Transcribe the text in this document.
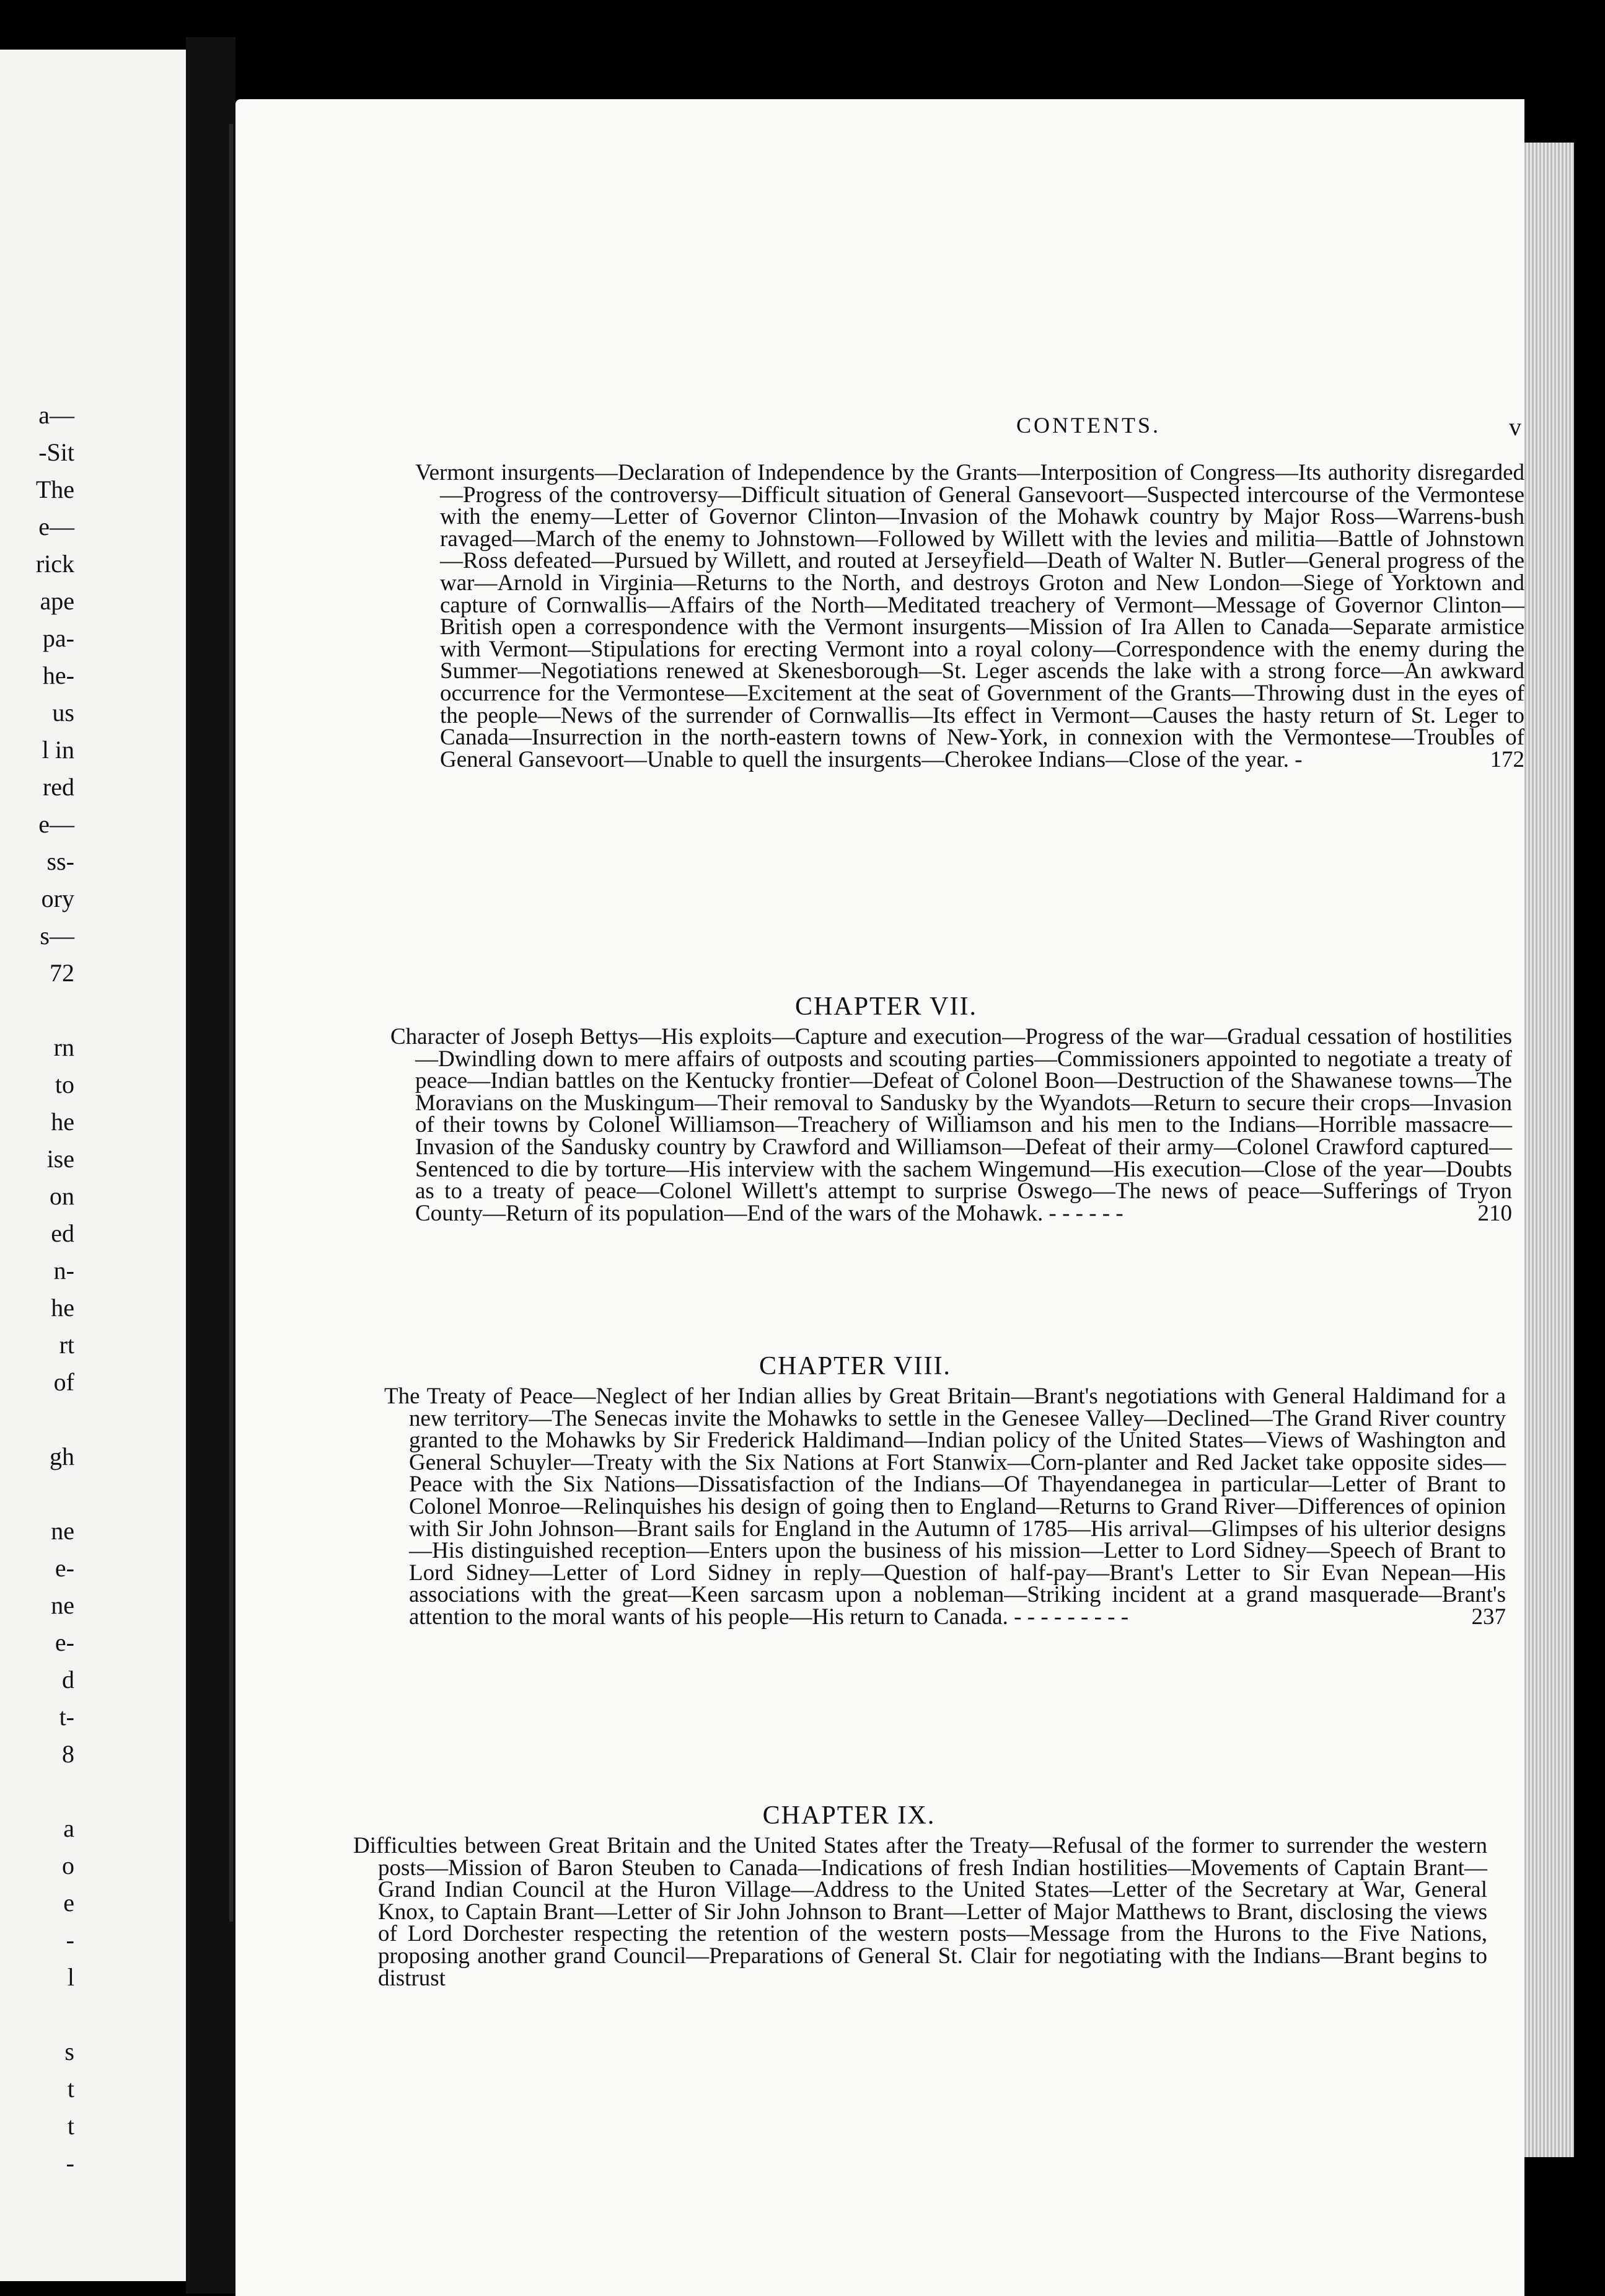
a—
-Sit
The
e—
rick
ape
pa-
he-
us
l in
red
e—
ss-
ory
s—
72

rn
to
he
ise
on
ed
n-
he
rt
of

gh

ne
e-
ne
e-
d
t-
8

a
o
e
-
l

s
t
t
-

CONTENTS.	v

Vermont insurgents—Declaration of Independence by the Grants—Interposition of Congress—Its authority disregarded—Progress of the controversy—Difficult situation of General Gansevoort—Suspected intercourse of the Vermontese with the enemy—Letter of Governor Clinton—Invasion of the Mohawk country by Major Ross—Warrens-bush ravaged—March of the enemy to Johnstown—Followed by Willett with the levies and militia—Battle of Johnstown—Ross defeated—Pursued by Willett, and routed at Jerseyfield—Death of Walter N. Butler—General progress of the war—Arnold in Virginia—Returns to the North, and destroys Groton and New London—Siege of Yorktown and capture of Cornwallis—Affairs of the North—Meditated treachery of Vermont—Message of Governor Clinton—British open a correspondence with the Vermont insurgents—Mission of Ira Allen to Canada—Separate armistice with Vermont—Stipulations for erecting Vermont into a royal colony—Correspondence with the enemy during the Summer—Negotiations renewed at Skenesborough—St. Leger ascends the lake with a strong force—An awkward occurrence for the Vermontese—Excitement at the seat of Government of the Grants—Throwing dust in the eyes of the people—News of the surrender of Cornwallis—Its effect in Vermont—Causes the hasty return of St. Leger to Canada—Insurrection in the north-eastern towns of New-York, in connexion with the Vermontese—Troubles of General Gansevoort—Unable to quell the insurgents—Cherokee Indians—Close of the year. -	172

CHAPTER VII.

Character of Joseph Bettys—His exploits—Capture and execution—Progress of the war—Gradual cessation of hostilities—Dwindling down to mere affairs of outposts and scouting parties—Commissioners appointed to negotiate a treaty of peace—Indian battles on the Kentucky frontier—Defeat of Colonel Boon—Destruction of the Shawanese towns—The Moravians on the Muskingum—Their removal to Sandusky by the Wyandots—Return to secure their crops—Invasion of their towns by Colonel Williamson—Treachery of Williamson and his men to the Indians—Horrible massacre—Invasion of the Sandusky country by Crawford and Williamson—Defeat of their army—Colonel Crawford captured—Sentenced to die by torture—His interview with the sachem Wingemund—His execution—Close of the year—Doubts as to a treaty of peace—Colonel Willett's attempt to surprise Oswego—The news of peace—Sufferings of Tryon County—Return of its population—End of the wars of the Mohawk. - - - - - -	210

CHAPTER VIII.

The Treaty of Peace—Neglect of her Indian allies by Great Britain—Brant's negotiations with General Haldimand for a new territory—The Senecas invite the Mohawks to settle in the Genesee Valley—Declined—The Grand River country granted to the Mohawks by Sir Frederick Haldimand—Indian policy of the United States—Views of Washington and General Schuyler—Treaty with the Six Nations at Fort Stanwix—Corn-planter and Red Jacket take opposite sides—Peace with the Six Nations—Dissatisfaction of the Indians—Of Thayendanegea in particular—Letter of Brant to Colonel Monroe—Relinquishes his design of going then to England—Returns to Grand River—Differences of opinion with Sir John Johnson—Brant sails for England in the Autumn of 1785—His arrival—Glimpses of his ulterior designs—His distinguished reception—Enters upon the business of his mission—Letter to Lord Sidney—Speech of Brant to Lord Sidney—Letter of Lord Sidney in reply—Question of half-pay—Brant's Letter to Sir Evan Nepean—His associations with the great—Keen sarcasm upon a nobleman—Striking incident at a grand masquerade—Brant's attention to the moral wants of his people—His return to Canada. - - - - - - - - -	237

CHAPTER IX.

Difficulties between Great Britain and the United States after the Treaty—Refusal of the former to surrender the western posts—Mission of Baron Steuben to Canada—Indications of fresh Indian hostilities—Movements of Captain Brant—Grand Indian Council at the Huron Village—Address to the United States—Letter of the Secretary at War, General Knox, to Captain Brant—Letter of Sir John Johnson to Brant—Letter of Major Matthews to Brant, disclosing the views of Lord Dorchester respecting the retention of the western posts—Message from the Hurons to the Five Nations, proposing another grand Council—Preparations of General St. Clair for negotiating with the Indians—Brant begins to distrust
